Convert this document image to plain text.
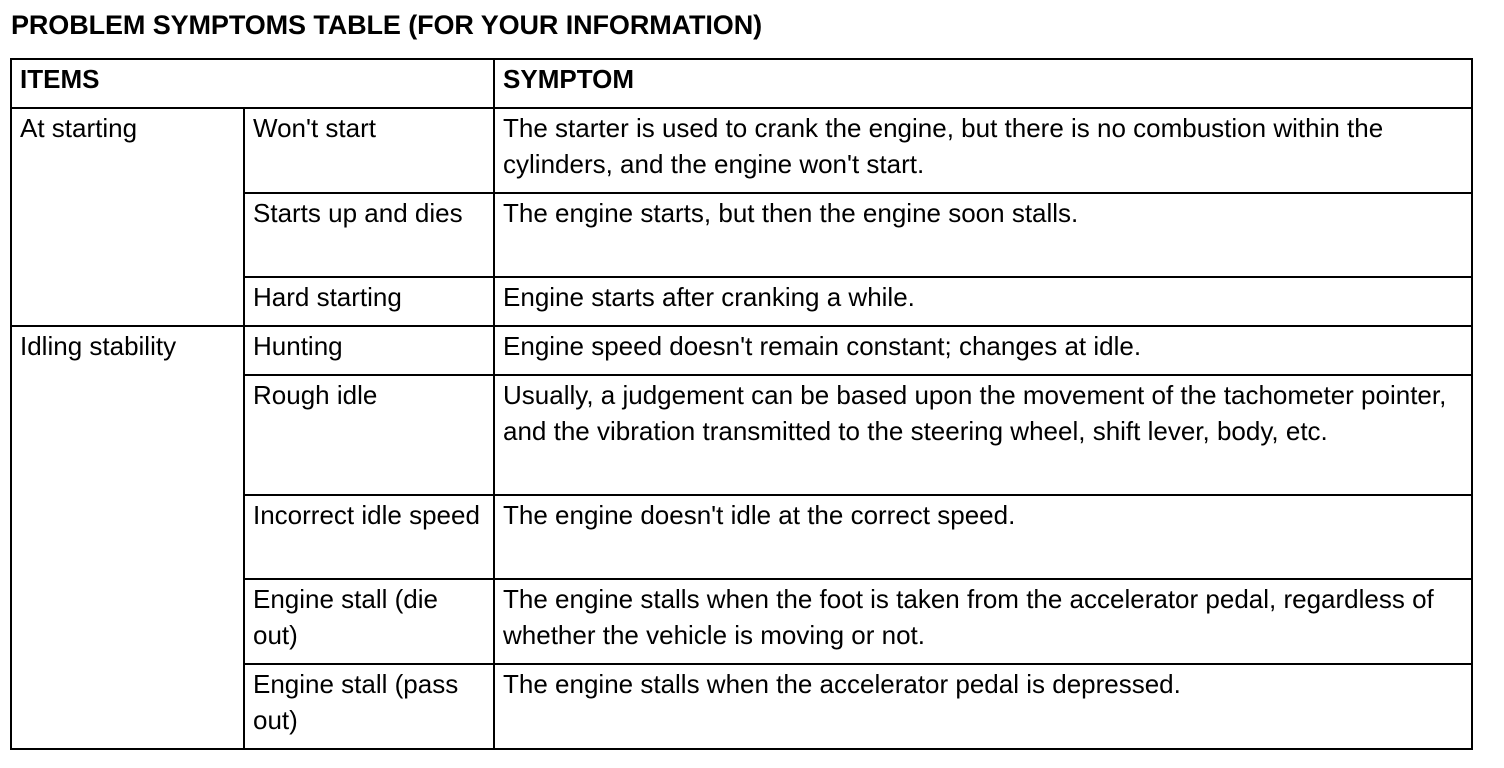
PROBLEM SYMPTOMS TABLE (FOR YOUR INFORMATION)
ITEMS		SYMPTOM
At starting	Won't start	The starter is used to crank the engine, but there is no combustion within the cylinders, and the engine won't start.
	Starts up and dies	The engine starts, but then the engine soon stalls.
	Hard starting	Engine starts after cranking a while.
Idling stability	Hunting	Engine speed doesn't remain constant; changes at idle.
	Rough idle	Usually, a judgement can be based upon the movement of the tachometer pointer, and the vibration transmitted to the steering wheel, shift lever, body, etc.
	Incorrect idle speed	The engine doesn't idle at the correct speed.
	Engine stall (die out)	The engine stalls when the foot is taken from the accelerator pedal, regardless of whether the vehicle is moving or not.
	Engine stall (pass out)	The engine stalls when the accelerator pedal is depressed.
